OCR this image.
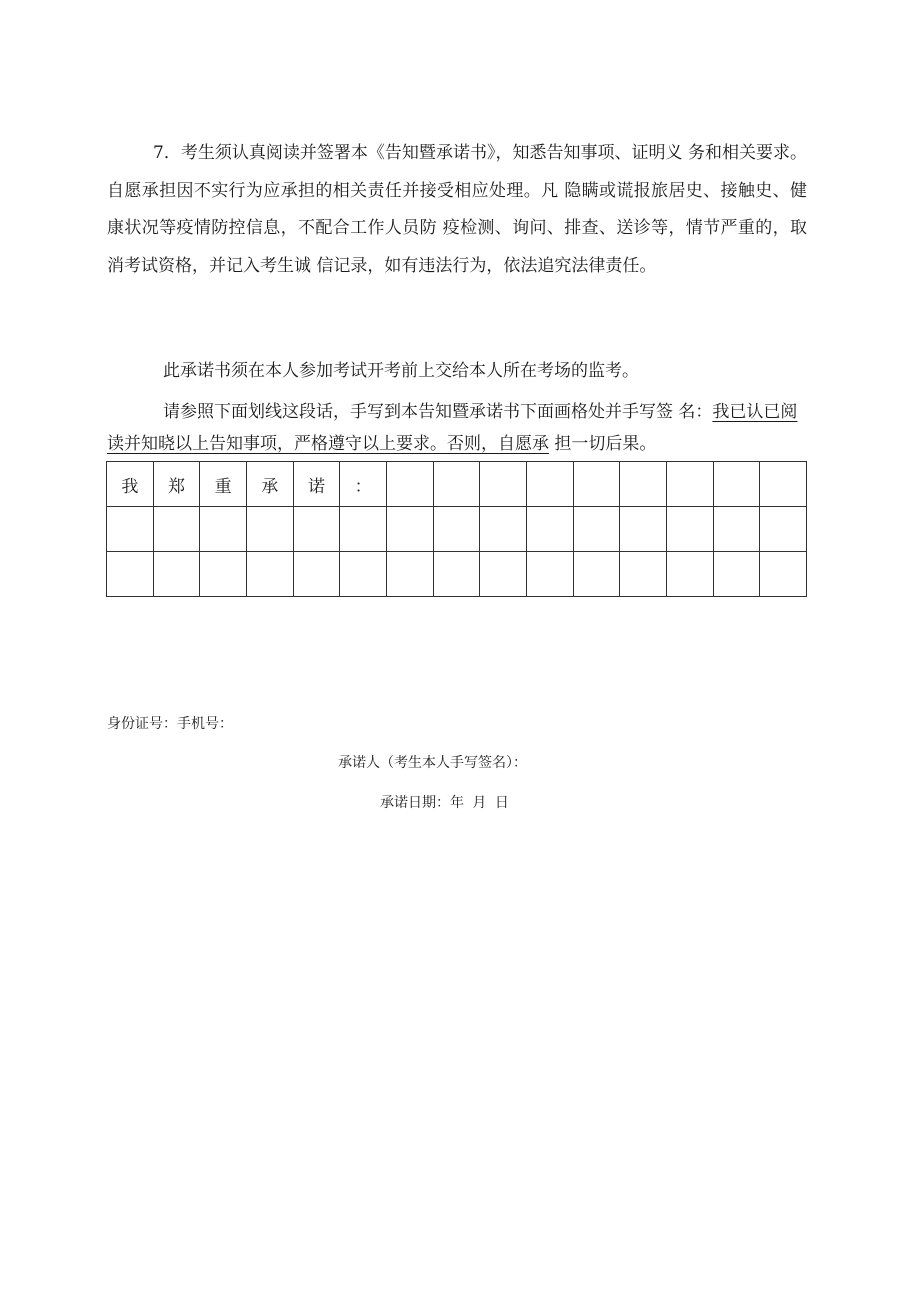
7．考生须认真阅读并签署本《告知暨承诺书》，知悉告知事项、证明义 务和相关要求。自愿承担因不实行为应承担的相关责任并接受相应处理。凡 隐瞒或谎报旅居史、接触史、健康状况等疫情防控信息，不配合工作人员防 疫检测、询问、排查、送诊等，情节严重的，取消考试资格，并记入考生诚 信记录，如有违法行为，依法追究法律责任。

此承诺书须在本人参加考试开考前上交给本人所在考场的监考。

请参照下面划线这段话，手写到本告知暨承诺书下面画格处并手写签 名：我已认已阅读并知晓以上告知事项，严格遵守以上要求。否则，自愿承 担一切后果。

我	郑	重	承	诺	：									

身份证号：手机号：

承诺人（考生本人手写签名）：

承诺日期：年 月 日
